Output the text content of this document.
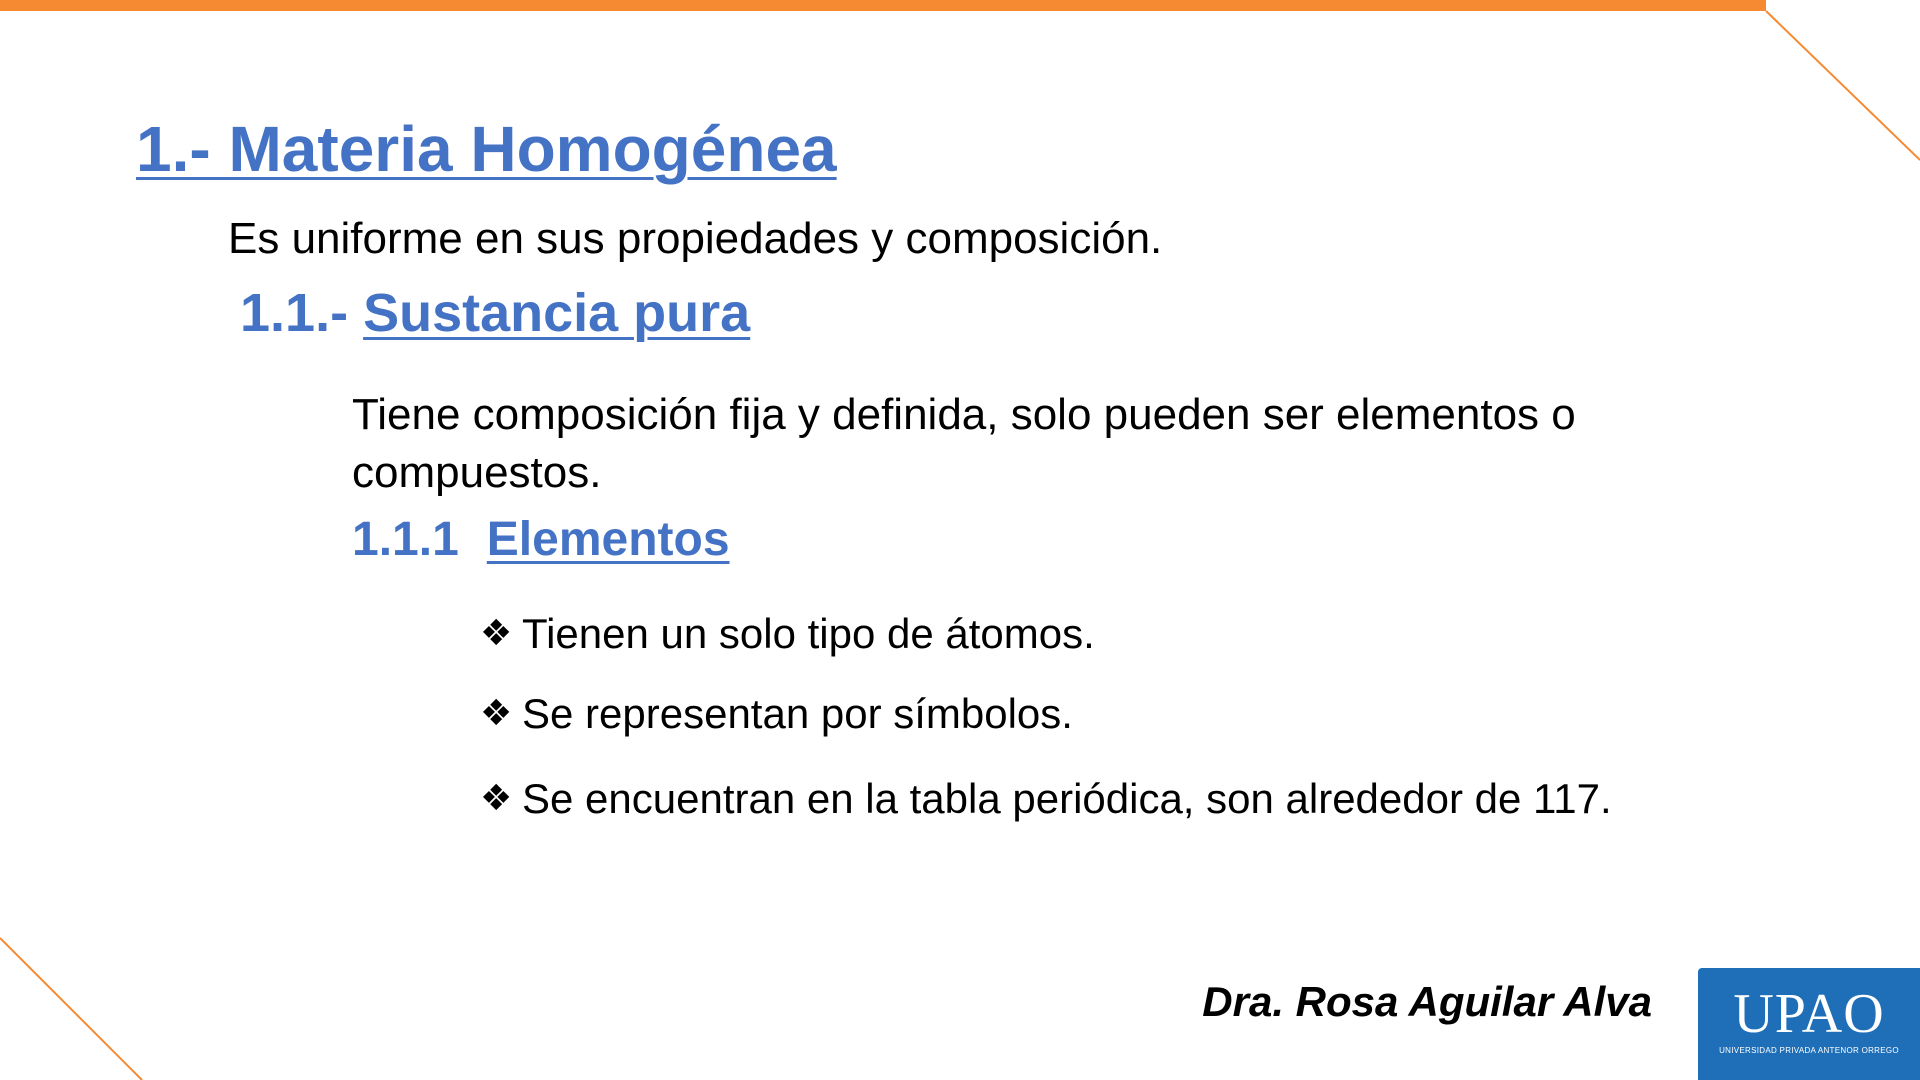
1.- Materia Homogénea

Es uniforme en sus propiedades y composición.

1.1.- Sustancia pura

Tiene composición fija y definida, solo pueden ser elementos o compuestos.

1.1.1 Elementos

❖ Tienen un solo tipo de átomos.

❖ Se representan por símbolos.

❖ Se encuentran en la tabla periódica, son alrededor de 117.

Dra. Rosa Aguilar Alva	UPAO
UNIVERSIDAD PRIVADA ANTENOR ORREGO
